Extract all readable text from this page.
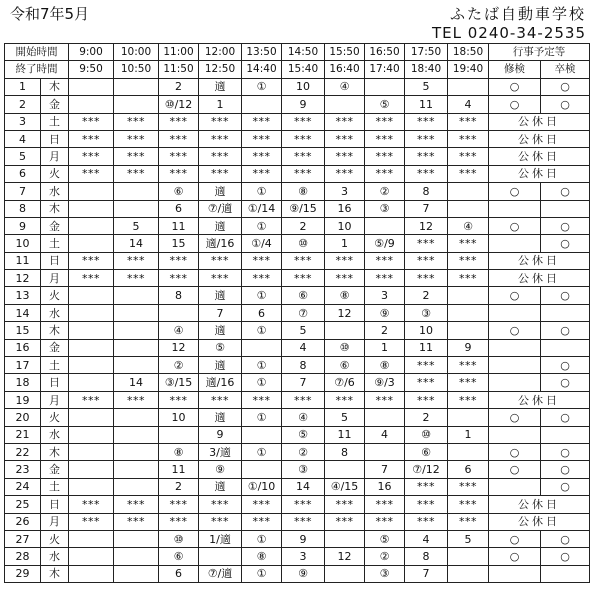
令和7年5月	ふたば自動車学校
TEL 0240-34-2535
開始時間		9:00	10:00	11:00	12:00	13:50	14:50	15:50	16:50	17:50	18:50	行事予定等	
終了時間		9:50	10:50	11:50	12:50	14:40	15:40	16:40	17:40	18:40	19:40	修検	卒検
1	木			2	適	①	10	④		5		○	○
2	金			⑩/12	1		9		⑤	11	4	○	○
3	土	***	***	***	***	***	***	***	***	***	***	公休日	
4	日	***	***	***	***	***	***	***	***	***	***	公休日	
5	月	***	***	***	***	***	***	***	***	***	***	公休日	
6	火	***	***	***	***	***	***	***	***	***	***	公休日	
7	水			⑥	適	①	⑧	3	②	8		○	○
8	木			6	⑦/適	①/14	⑨/15	16	③	7			
9	金		5	11	適	①	2	10		12	④	○	○
10	土		14	15	適/16	①/4	⑩	1	⑤/9	***	***		○
11	日	***	***	***	***	***	***	***	***	***	***	公休日	
12	月	***	***	***	***	***	***	***	***	***	***	公休日	
13	火			8	適	①	⑥	⑧	3	2		○	○
14	水				7	6	⑦	12	⑨	③			
15	木			④	適	①	5		2	10		○	○
16	金			12	⑤		4	⑩	1	11	9		
17	土			②	適	①	8	⑥	⑧	***	***		○
18	日		14	③/15	適/16	①	7	⑦/6	⑨/3	***	***		○
19	月	***	***	***	***	***	***	***	***	***	***	公休日	
20	火			10	適	①	④	5		2		○	○
21	水				9		⑤	11	4	⑩	1		
22	木			⑧	3/適	①	②	8		⑥		○	○
23	金			11	⑨		③		7	⑦/12	6	○	○
24	土			2	適	①/10	14	④/15	16	***	***		○
25	日	***	***	***	***	***	***	***	***	***	***	公休日	
26	月	***	***	***	***	***	***	***	***	***	***	公休日	
27	火			⑩	1/適	①	9		⑤	4	5	○	○
28	水			⑥		⑧	3	12	②	8		○	○
29	木			6	⑦/適	①	⑨		③	7			
